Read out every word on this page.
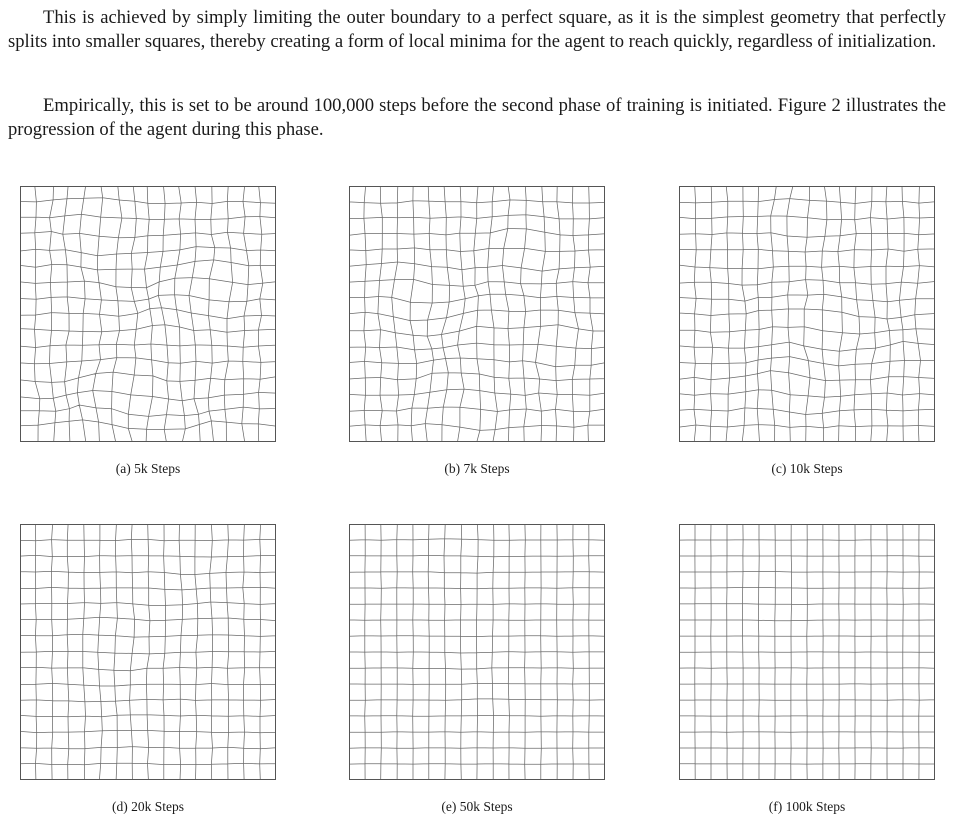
This is achieved by simply limiting the outer boundary to a perfect square, as it is the simplest geometry that perfectly splits into smaller squares, thereby creating a form of local minima for the agent to reach quickly, regardless of initialization.

Empirically, this is set to be around 100,000 steps before the second phase of training is initiated. Figure 2 illustrates the progression of the agent during this phase.

(a) 5k Steps	(b) 7k Steps	(c) 10k Steps
(d) 20k Steps	(e) 50k Steps	(f) 100k Steps
